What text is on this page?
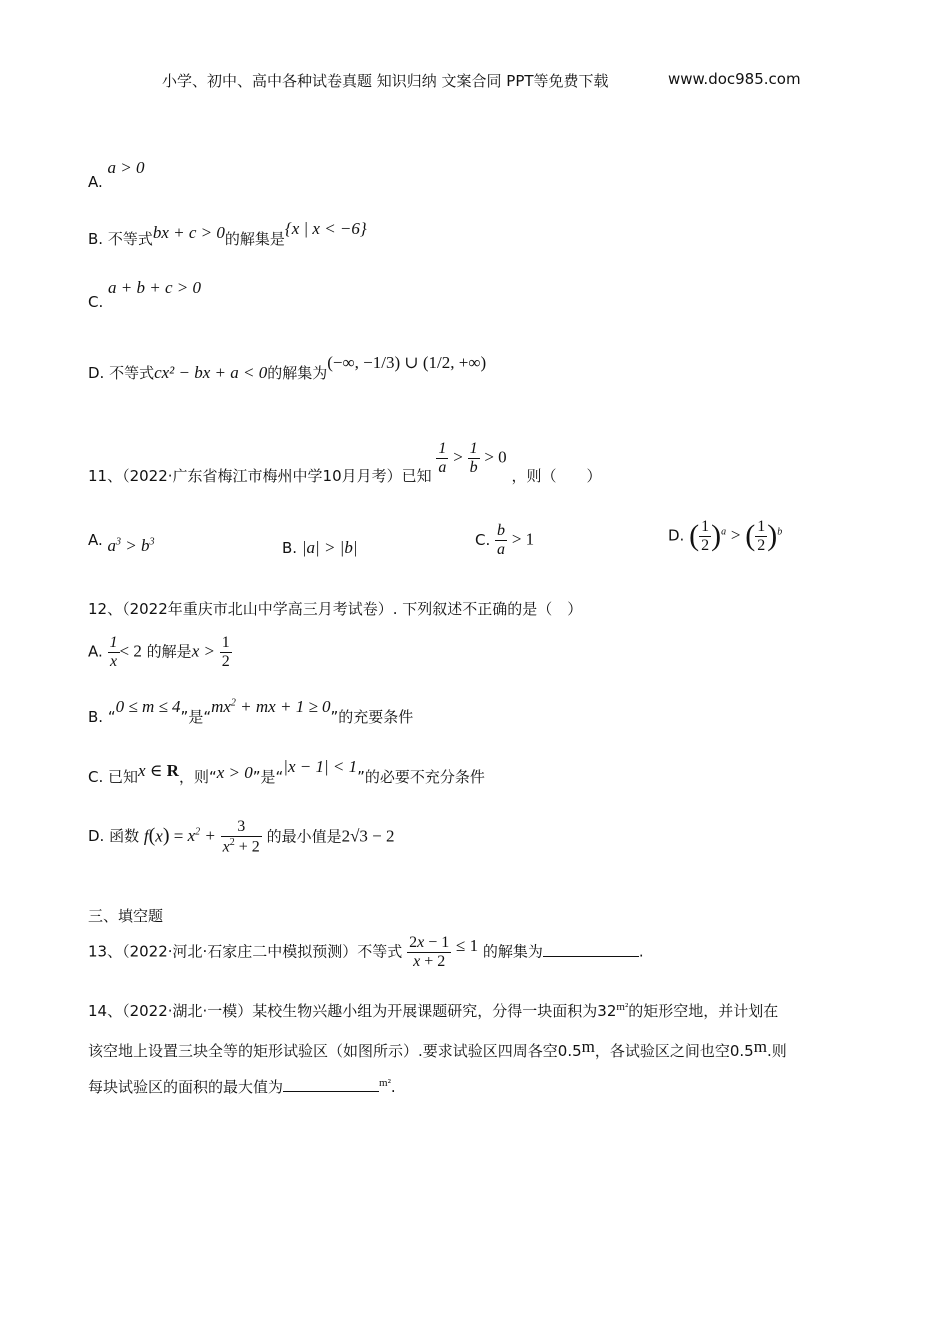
小学、初中、高中各种试卷真题 知识归纳 文案合同 PPT等免费下载	www.doc985.com
A. a > 0
B. 不等式bx + c > 0的解集是{x | x < −6}
C. a + b + c > 0
D. 不等式cx² − bx + a < 0的解集为(−∞, −1/3) ∪ (1/2, +∞)
11、（2022·广东省梅江市梅州中学10月月考）已知 $\frac{1}{a} > \frac{1}{b} > 0$ ，则（　　）
A. $a^3 > b^3$	B. |a| > |b|	C. $\frac{b}{a} > 1$	D. ( $\frac{1}{2} )^a$ > ( $\frac{1}{2} )^b$
12、（2022年重庆市北山中学高三月考试卷）. 下列叙述不正确的是（　）
A. $\frac{1}{x} < 2$ 的解是$x > \frac{1}{2}$
B. “0 ≤ m ≤ 4”是“$mx^2$ + mx + 1 ≥ 0”的充要条件
C. 已知x ∈ R，则“x > 0”是“|x − 1| < 1”的必要不充分条件
D. 函数 $f(x) = x^2 + \frac{3}{x^2 + 2}$ 的最小值是2√3 − 2
三、填空题
13、（2022·河北·石家庄二中模拟预测）不等式 $\frac{2x - 1}{x + 2} \le 1$ 的解集为	.
14、（2022·湖北·一模）某校生物兴趣小组为开展课题研究，分得一块面积为$32^{m^2}$的矩形空地，并计划在
该空地上设置三块全等的矩形试验区（如图所示）.要求试验区四周各空0.5m，各试验区之间也空0.5m.则
每块试验区的面积的最大值为	$^{m^2}$.
